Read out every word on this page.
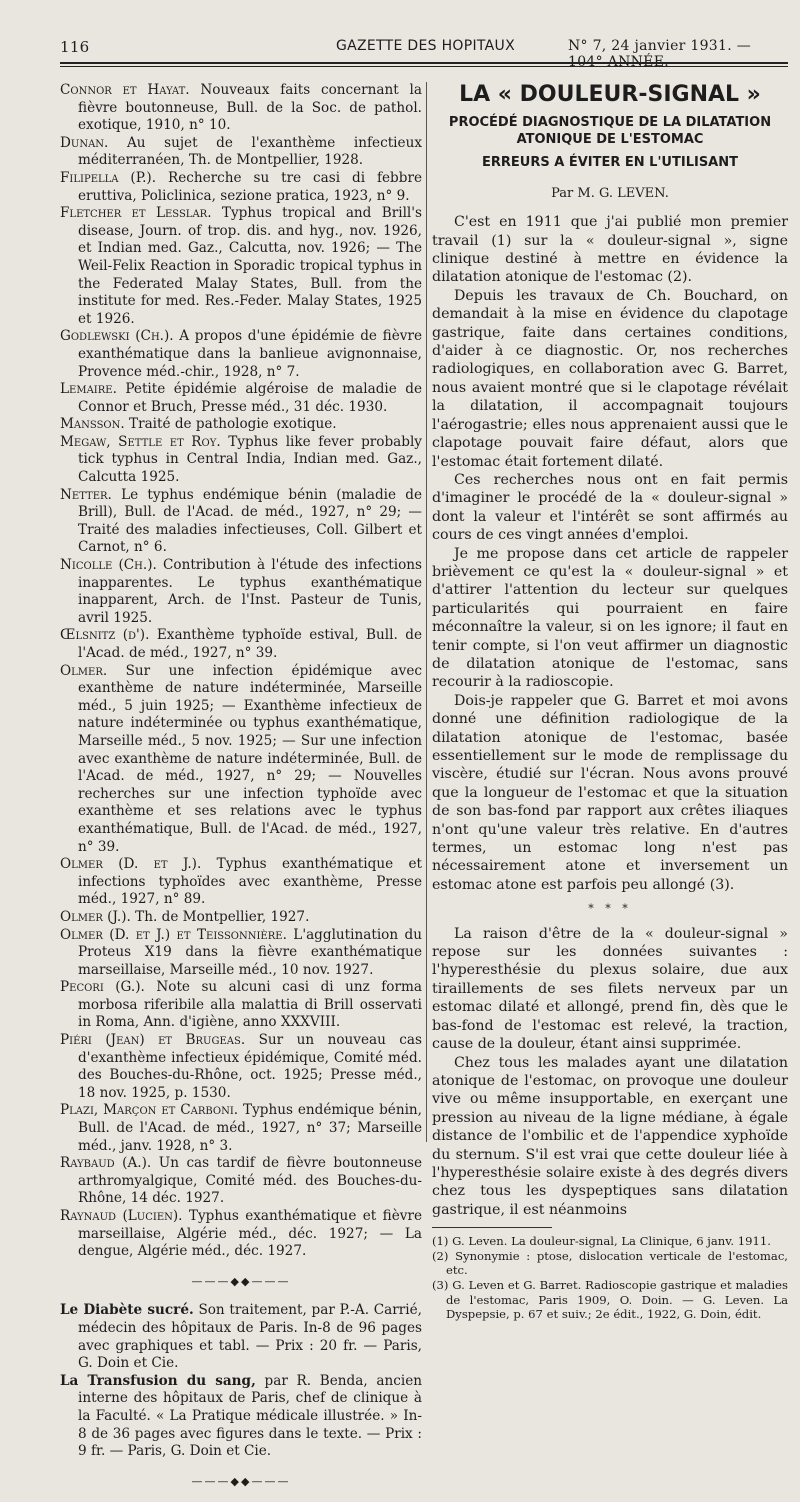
116	GAZETTE DES HOPITAUX	N° 7, 24 janvier 1931. — 104° ANNÉE.

Connor et Hayat. Nouveaux faits concernant la fièvre boutonneuse, Bull. de la Soc. de pathol. exotique, 1910, n° 10.

Dunan. Au sujet de l'exanthème infectieux méditerranéen, Th. de Montpellier, 1928.

Filipella (P.). Recherche su tre casi di febbre eruttiva, Policlinica, sezione pratica, 1923, n° 9.

Fletcher et Lesslar. Typhus tropical and Brill's disease, Journ. of trop. dis. and hyg., nov. 1926, et Indian med. Gaz., Calcutta, nov. 1926; — The Weil-Felix Reaction in Sporadic tropical typhus in the Federated Malay States, Bull. from the institute for med. Res.-Feder. Malay States, 1925 et 1926.

Godlewski (Ch.). A propos d'une épidémie de fièvre exanthématique dans la banlieue avignonnaise, Provence méd.-chir., 1928, n° 7.

Lemaire. Petite épidémie algéroise de maladie de Connor et Bruch, Presse méd., 31 déc. 1930.

Mansson. Traité de pathologie exotique.

Megaw, Settle et Roy. Typhus like fever probably tick typhus in Central India, Indian med. Gaz., Calcutta 1925.

Netter. Le typhus endémique bénin (maladie de Brill), Bull. de l'Acad. de méd., 1927, n° 29; — Traité des maladies infectieuses, Coll. Gilbert et Carnot, n° 6.

Nicolle (Ch.). Contribution à l'étude des infections inapparentes. Le typhus exanthématique inapparent, Arch. de l'Inst. Pasteur de Tunis, avril 1925.

Œlsnitz (d'). Exanthème typhoïde estival, Bull. de l'Acad. de méd., 1927, n° 39.

Olmer. Sur une infection épidémique avec exanthème de nature indéterminée, Marseille méd., 5 juin 1925; — Exanthème infectieux de nature indéterminée ou typhus exanthématique, Marseille méd., 5 nov. 1925; — Sur une infection avec exanthème de nature indéterminée, Bull. de l'Acad. de méd., 1927, n° 29; — Nouvelles recherches sur une infection typhoïde avec exanthème et ses relations avec le typhus exanthématique, Bull. de l'Acad. de méd., 1927, n° 39.

Olmer (D. et J.). Typhus exanthématique et infections typhoïdes avec exanthème, Presse méd., 1927, n° 89.

Olmer (J.). Th. de Montpellier, 1927.

Olmer (D. et J.) et Teissonnière. L'agglutination du Proteus X19 dans la fièvre exanthématique marseillaise, Marseille méd., 10 nov. 1927.

Pecori (G.). Note su alcuni casi di unz forma morbosa riferibile alla malattia di Brill osservati in Roma, Ann. d'igiène, anno XXXVIII.

Piéri (Jean) et Brugeas. Sur un nouveau cas d'exanthème infectieux épidémique, Comité méd. des Bouches-du-Rhône, oct. 1925; Presse méd., 18 nov. 1925, p. 1530.

Plazi, Marçon et Carboni. Typhus endémique bénin, Bull. de l'Acad. de méd., 1927, n° 37; Marseille méd., janv. 1928, n° 3.

Raybaud (A.). Un cas tardif de fièvre boutonneuse arthromyalgique, Comité méd. des Bouches-du-Rhône, 14 déc. 1927.

Raynaud (Lucien). Typhus exanthématique et fièvre marseillaise, Algérie méd., déc. 1927; — La dengue, Algérie méd., déc. 1927.

———◆◆———

Le Diabète sucré. Son traitement, par P.-A. Carrié, médecin des hôpitaux de Paris. In-8 de 96 pages avec graphiques et tabl. — Prix : 20 fr. — Paris, G. Doin et Cie.

La Transfusion du sang, par R. Benda, ancien interne des hôpitaux de Paris, chef de clinique à la Faculté. « La Pratique médicale illustrée. » In-8 de 36 pages avec figures dans le texte. — Prix : 9 fr. — Paris, G. Doin et Cie.

———◆◆———
LA « DOULEUR-SIGNAL »

PROCÉDÉ DIAGNOSTIQUE DE LA DILATATION ATONIQUE DE L'ESTOMAC

ERREURS A ÉVITER EN L'UTILISANT

Par M. G. LEVEN.

C'est en 1911 que j'ai publié mon premier travail (1) sur la « douleur-signal », signe clinique destiné à mettre en évidence la dilatation atonique de l'estomac (2).

Depuis les travaux de Ch. Bouchard, on demandait à la mise en évidence du clapotage gastrique, faite dans certaines conditions, d'aider à ce diagnostic. Or, nos recherches radiologiques, en collaboration avec G. Barret, nous avaient montré que si le clapotage révélait la dilatation, il accompagnait toujours l'aérogastrie; elles nous apprenaient aussi que le clapotage pouvait faire défaut, alors que l'estomac était fortement dilaté.

Ces recherches nous ont en fait permis d'imaginer le procédé de la « douleur-signal » dont la valeur et l'intérêt se sont affirmés au cours de ces vingt années d'emploi.

Je me propose dans cet article de rappeler brièvement ce qu'est la « douleur-signal » et d'attirer l'attention du lecteur sur quelques particularités qui pourraient en faire méconnaître la valeur, si on les ignore; il faut en tenir compte, si l'on veut affirmer un diagnostic de dilatation atonique de l'estomac, sans recourir à la radioscopie.

Dois-je rappeler que G. Barret et moi avons donné une définition radiologique de la dilatation atonique de l'estomac, basée essentiellement sur le mode de remplissage du viscère, étudié sur l'écran. Nous avons prouvé que la longueur de l'estomac et que la situation de son bas-fond par rapport aux crêtes iliaques n'ont qu'une valeur très relative. En d'autres termes, un estomac long n'est pas nécessairement atone et inversement un estomac atone est parfois peu allongé (3).

* * *

La raison d'être de la « douleur-signal » repose sur les données suivantes : l'hyperesthésie du plexus solaire, due aux tiraillements de ses filets nerveux par un estomac dilaté et allongé, prend fin, dès que le bas-fond de l'estomac est relevé, la traction, cause de la douleur, étant ainsi supprimée.

Chez tous les malades ayant une dilatation atonique de l'estomac, on provoque une douleur vive ou même insupportable, en exerçant une pression au niveau de la ligne médiane, à égale distance de l'ombilic et de l'appendice xyphoïde du sternum. S'il est vrai que cette douleur liée à l'hyperesthésie solaire existe à des degrés divers chez tous les dyspeptiques sans dilatation gastrique, il est néanmoins

(1) G. Leven. La douleur-signal, La Clinique, 6 janv. 1911.

(2) Synonymie : ptose, dislocation verticale de l'estomac, etc.

(3) G. Leven et G. Barret. Radioscopie gastrique et maladies de l'estomac, Paris 1909, O. Doin. — G. Leven. La Dyspepsie, p. 67 et suiv.; 2e édit., 1922, G. Doin, édit.
